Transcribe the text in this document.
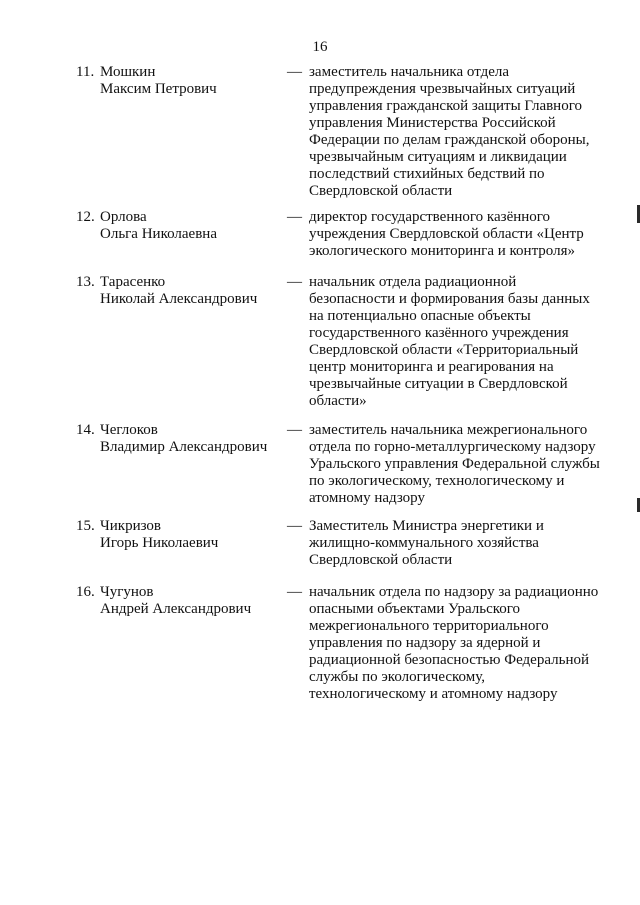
16
11. Мошкин
Максим Петрович
— заместитель начальника отдела
предупреждения чрезвычайных ситуаций
управления гражданской защиты Главного
управления Министерства Российской
Федерации по делам гражданской обороны,
чрезвычайным ситуациям и ликвидации
последствий стихийных бедствий по
Свердловской области
12. Орлова
Ольга Николаевна
— директор государственного казённого
учреждения Свердловской области «Центр
экологического мониторинга и контроля»
13. Тарасенко
Николай Александрович
— начальник отдела радиационной
безопасности и формирования базы данных
на потенциально опасные объекты
государственного казённого учреждения
Свердловской области «Территориальный
центр мониторинга и реагирования на
чрезвычайные ситуации в Свердловской
области»
14. Чеглоков
Владимир Александрович
— заместитель начальника межрегионального
отдела по горно-металлургическому надзору
Уральского управления Федеральной службы
по экологическому, технологическому и
атомному надзору
15. Чикризов
Игорь Николаевич
— Заместитель Министра энергетики и
жилищно-коммунального хозяйства
Свердловской области
16. Чугунов
Андрей Александрович
— начальник отдела по надзору за радиационно
опасными объектами Уральского
межрегионального территориального
управления по надзору за ядерной и
радиационной безопасностью Федеральной
службы по экологическому,
технологическому и атомному надзору
